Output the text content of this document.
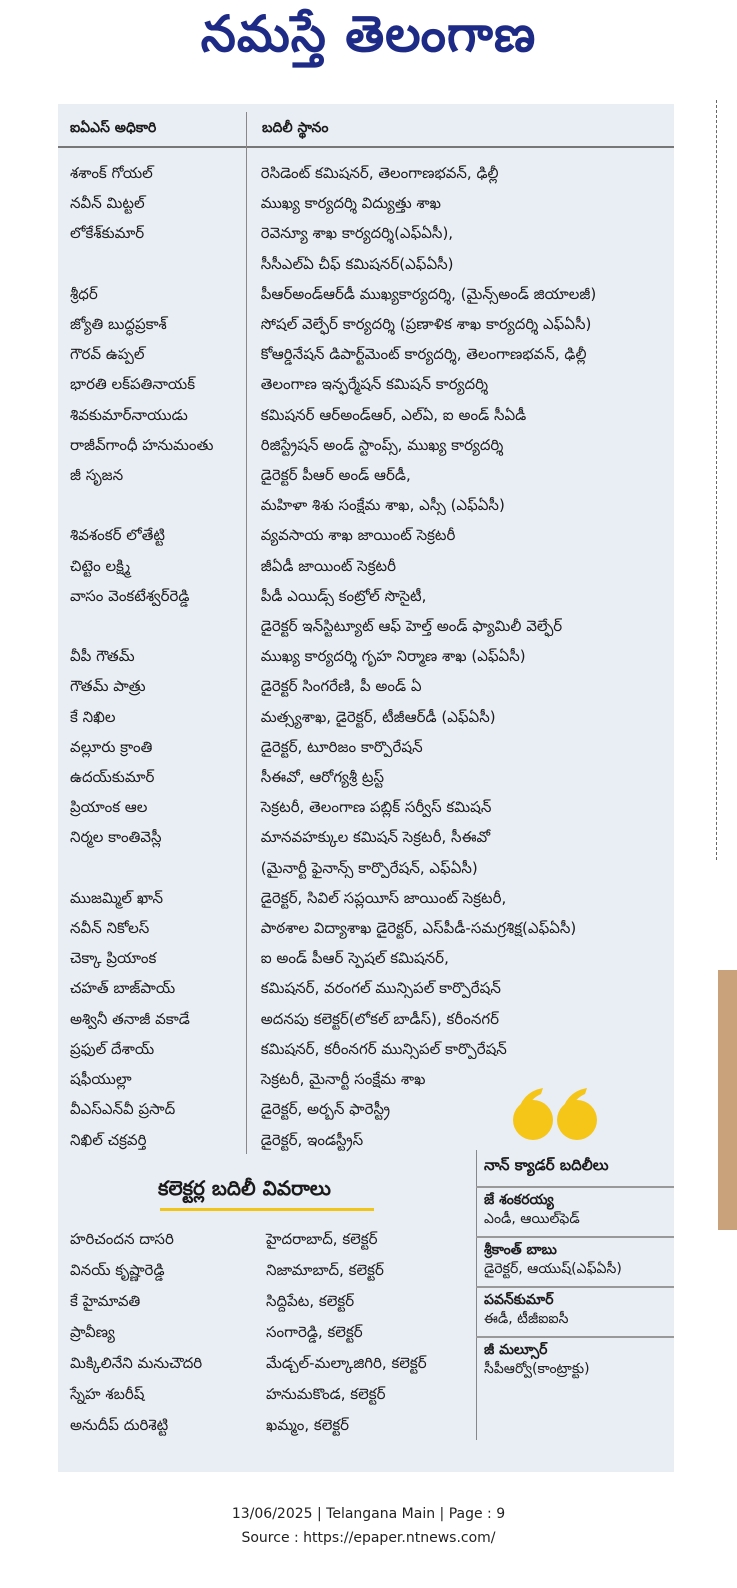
నమస్తే తెలంగాణ
ఐఏఎస్ అధికారి	బదిలీ స్థానం
శశాంక్ గోయల్	రెసిడెంట్ కమిషనర్, తెలంగాణభవన్, ఢిల్లీ
నవీన్ మిట్టల్	ముఖ్య కార్యదర్శి విద్యుత్తు శాఖ
లోకేశ్‌కుమార్	రెవెన్యూ శాఖ కార్యదర్శి(ఎఫ్ఏసీ),
సీసీఎల్ఏ చీఫ్ కమిషనర్(ఎఫ్ఏసీ)
శ్రీధర్	పీఆర్అండ్ఆర్‌డీ ముఖ్యకార్యదర్శి, (మైన్స్అండ్ జియాలజీ)
జ్యోతి బుద్ధప్రకాశ్	సోషల్ వెల్ఫేర్ కార్యదర్శి (ప్రణాళిక శాఖ కార్యదర్శి ఎఫ్ఏసీ)
గౌరవ్ ఉప్పల్	కోఆర్డినేషన్ డిపార్ట్‌మెంట్ కార్యదర్శి, తెలంగాణభవన్, ఢిల్లీ
భారతి లక్‌పతినాయక్	తెలంగాణ ఇన్ఫర్మేషన్ కమిషన్ కార్యదర్శి
శివకుమార్‌నాయుడు	కమిషనర్ ఆర్అండ్ఆర్, ఎల్ఏ, ఐ అండ్ సీఏడీ
రాజీవ్‌గాంధీ హనుమంతు	రిజిస్ట్రేషన్ అండ్ స్టాంప్స్, ముఖ్య కార్యదర్శి
జీ సృజన	డైరెక్టర్ పీఆర్ అండ్ ఆర్‌డీ,
మహిళా శిశు సంక్షేమ శాఖ, ఎస్సీ (ఎఫ్ఏసీ)
శివశంకర్ లోతేట్టి	వ్యవసాయ శాఖ జాయింట్ సెక్రటరీ
చిట్టెం లక్ష్మి	జీఏడీ జాయింట్ సెక్రటరీ
వాసం వెంకటేశ్వర్‌రెడ్డి	పీడీ ఎయిడ్స్ కంట్రోల్ సొసైటీ,
డైరెక్టర్ ఇన్‌స్టిట్యూట్ ఆఫ్ హెల్త్ అండ్ ఫ్యామిలీ వెల్ఫేర్
వీపీ గౌతమ్	ముఖ్య కార్యదర్శి గృహ నిర్మాణ శాఖ (ఎఫ్ఏసీ)
గౌతమ్ పాత్రు	డైరెక్టర్ సింగరేణి, పీ అండ్ ఏ
కే నిఖిల	మత్స్యశాఖ, డైరెక్టర్, టీజీఆర్‌డీ (ఎఫ్ఏసీ)
వల్లూరు క్రాంతి	డైరెక్టర్, టూరిజం కార్పొరేషన్
ఉదయ్‌కుమార్	సీఈవో, ఆరోగ్యశ్రీ ట్రస్ట్
ప్రియాంక ఆల	సెక్రటరీ, తెలంగాణ పబ్లిక్ సర్వీస్ కమిషన్
నిర్మల కాంతివెస్లీ	మానవహక్కుల కమిషన్ సెక్రటరీ, సీఈవో
(మైనార్టీ ఫైనాన్స్ కార్పొరేషన్, ఎఫ్ఏసీ)
ముజమ్మిల్ ఖాన్	డైరెక్టర్, సివిల్ సప్లయీస్ జాయింట్ సెక్రటరీ,
నవీన్ నికోలస్	పాఠశాల విద్యాశాఖ డైరెక్టర్, ఎస్‌పీడీ-సమగ్రశిక్ష(ఎఫ్ఏసీ)
చెక్కా ప్రియాంక	ఐ అండ్ పీఆర్ స్పెషల్ కమిషనర్,
చహత్ బాజ్‌పాయ్	కమిషనర్, వరంగల్ మున్సిపల్ కార్పొరేషన్
అశ్వినీ తనాజీ వకాడే	అదనపు కలెక్టర్(లోకల్ బాడీస్), కరీంనగర్
ప్రఫుల్ దేశాయ్	కమిషనర్, కరీంనగర్ మున్సిపల్ కార్పొరేషన్
షఫీయుల్లా	సెక్రటరీ, మైనార్టీ సంక్షేమ శాఖ
వీఎస్ఎన్‌వీ ప్రసాద్	డైరెక్టర్, అర్బన్ ఫారెస్ట్రీ
నిఖిల్ చక్రవర్తి	డైరెక్టర్, ఇండస్ట్రీస్
కలెక్టర్ల బదిలీ వివరాలు
హరిచందన దాసరి	హైదరాబాద్, కలెక్టర్
వినయ్ కృష్ణారెడ్డి	నిజామాబాద్, కలెక్టర్
కే హైమావతి	సిద్దిపేట, కలెక్టర్
ప్రావీణ్య	సంగారెడ్డి, కలెక్టర్
మిక్కిలినేని మనుచౌదరి	మేడ్చల్-మల్కాజిగిరి, కలెక్టర్
స్నేహ శబరీష్	హనుమకొండ, కలెక్టర్
అనుదీప్ దురిశెట్టి	ఖమ్మం, కలెక్టర్
నాన్ క్యాడర్ బదిలీలు
జే శంకరయ్య
ఎండీ, ఆయిల్‌ఫెడ్
శ్రీకాంత్ బాబు
డైరెక్టర్, ఆయుష్(ఎఫ్ఏసీ)
పవన్‌కుమార్
ఈడీ, టీజీఐఐసీ
జీ మల్సూర్
సీపీఆర్వో(కాంట్రాక్టు)
13/06/2025 | Telangana Main | Page : 9
Source : https://epaper.ntnews.com/
